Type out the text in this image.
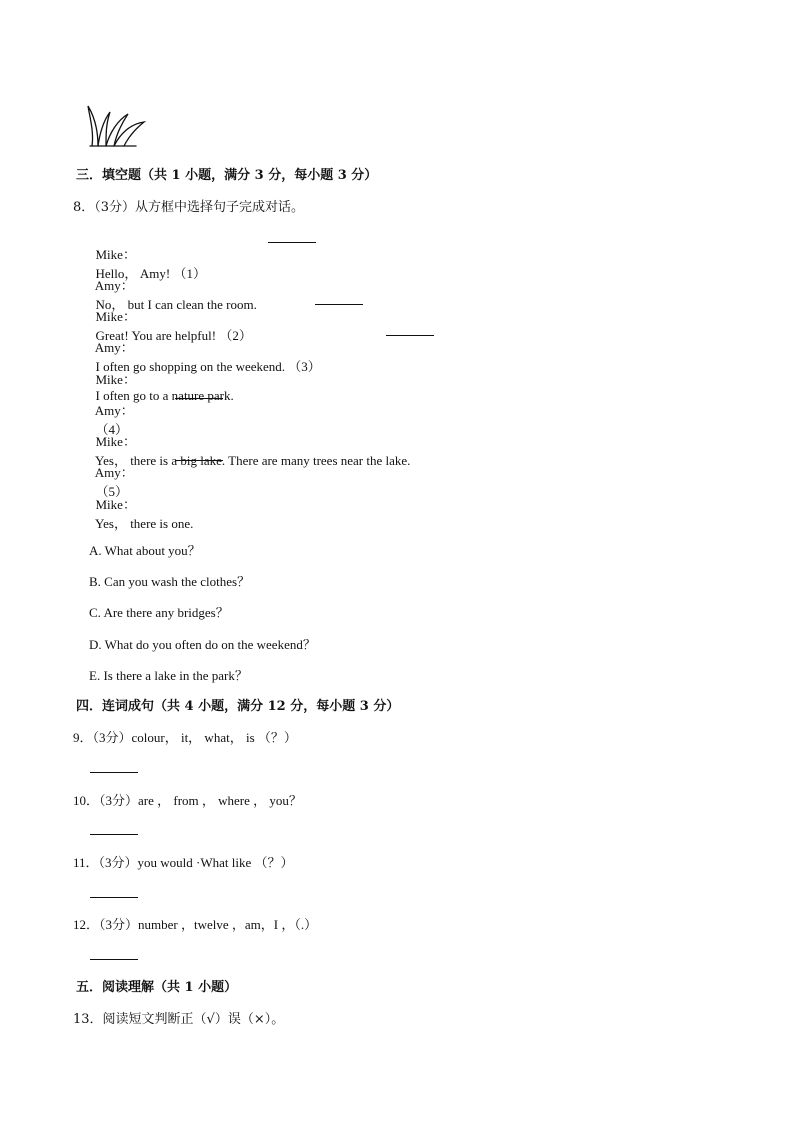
三．填空题（共 1 小题，满分 3 分，每小题 3 分）
8．（3分）从方框中选择句子完成对话。

Mike：
Hello， Amy! （1）

Amy：
No， but I can clean the room.

Mike：
Great! You are helpful! （2）

Amy：
I often go shopping on the weekend. （3）

Mike：
I often go to a nature park.

Amy：
（4）

Mike：
Yes， there is a big lake. There are many trees near the lake.

Amy：
（5）

Mike：
Yes， there is one.

A. What about you？
B. Can you wash the clothes？
C. Are there any bridges？
D. What do you often do on the weekend？
E. Is there a lake in the park？
四．连词成句（共 4 小题，满分 12 分，每小题 3 分）
9．（3分）colour， it， what， is （？）
10．（3分）are ， from ， where ， you？
11．（3分）you would ·What like （？）
12．（3分）number ，twelve ，am，I ，（.）
五．阅读理解（共 1 小题）
13．阅读短文判断正（√）误（×）。
